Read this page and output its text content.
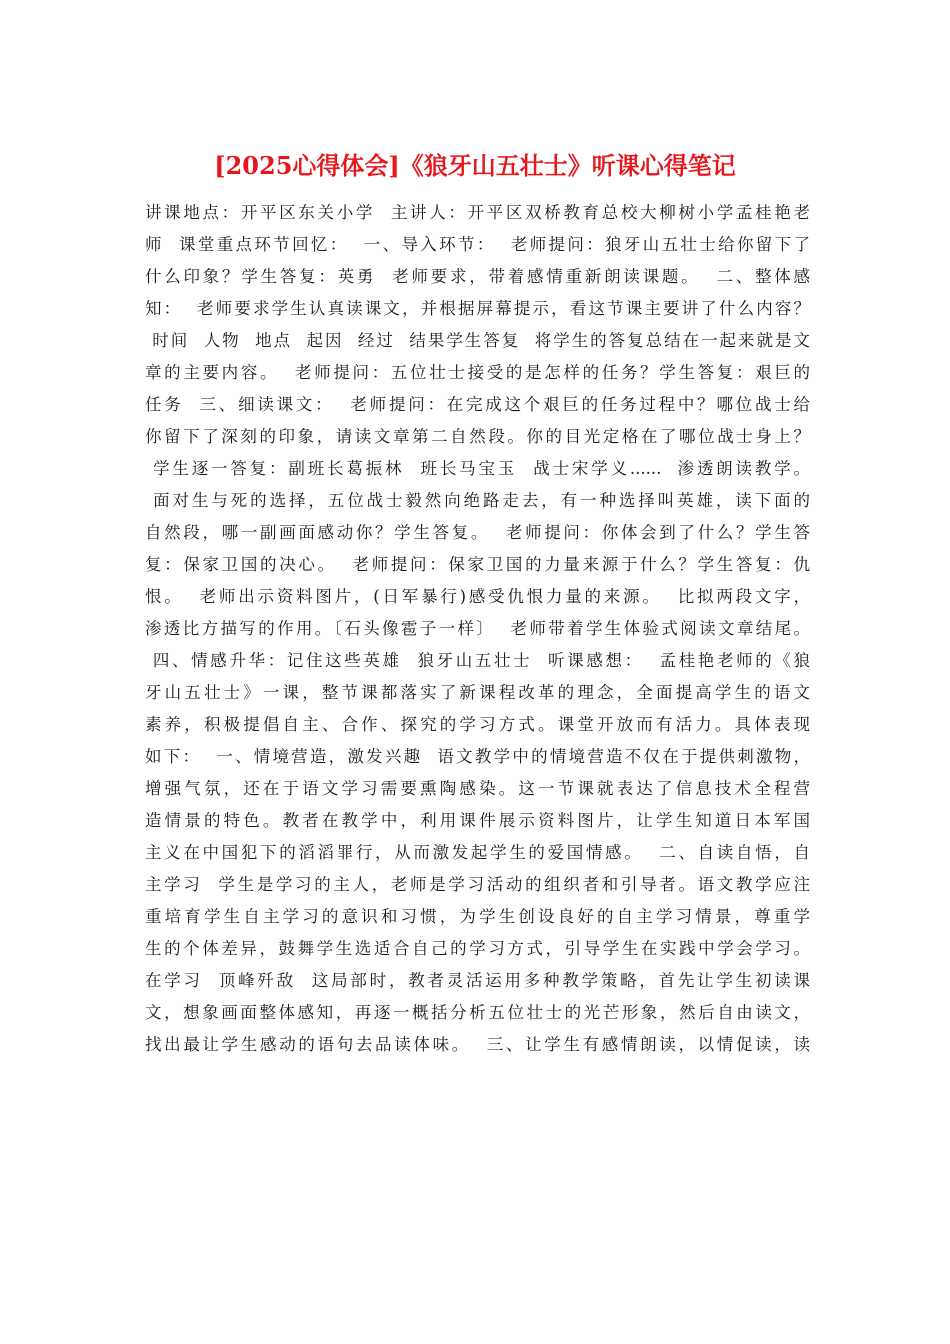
[2025心得体会]《狼牙山五壮士》听课心得笔记
讲课地点：开平区东关小学  主讲人：开平区双桥教育总校大柳树小学孟桂艳老
师  课堂重点环节回忆：  一、导入环节：  老师提问：狼牙山五壮士给你留下了
什么印象？学生答复：英勇  老师要求，带着感情重新朗读课题。  二、整体感
知：  老师要求学生认真读课文，并根据屏幕提示，看这节课主要讲了什么内容？
时间  人物  地点  起因  经过  结果学生答复  将学生的答复总结在一起来就是文
章的主要内容。  老师提问：五位壮士接受的是怎样的任务？学生答复：艰巨的
任务  三、细读课文：  老师提问：在完成这个艰巨的任务过程中？哪位战士给
你留下了深刻的印象，请读文章第二自然段。你的目光定格在了哪位战士身上？
学生逐一答复：副班长葛振林  班长马宝玉  战士宋学义......  渗透朗读教学。
面对生与死的选择，五位战士毅然向绝路走去，有一种选择叫英雄，读下面的
自然段，哪一副画面感动你？学生答复。  老师提问：你体会到了什么？学生答
复：保家卫国的决心。  老师提问：保家卫国的力量来源于什么？学生答复：仇
恨。  老师出示资料图片，(日军暴行)感受仇恨力量的来源。  比拟两段文字，
渗透比方描写的作用。〔石头像雹子一样〕  老师带着学生体验式阅读文章结尾。
四、情感升华：记住这些英雄  狼牙山五壮士  听课感想：  孟桂艳老师的《狼
牙山五壮士》一课，整节课都落实了新课程改革的理念，全面提高学生的语文
素养，积极提倡自主、合作、探究的学习方式。课堂开放而有活力。具体表现
如下：  一、情境营造，激发兴趣  语文教学中的情境营造不仅在于提供刺激物，
增强气氛，还在于语文学习需要熏陶感染。这一节课就表达了信息技术全程营
造情景的特色。教者在教学中，利用课件展示资料图片，让学生知道日本军国
主义在中国犯下的滔滔罪行，从而激发起学生的爱国情感。  二、自读自悟，自
主学习  学生是学习的主人，老师是学习活动的组织者和引导者。语文教学应注
重培育学生自主学习的意识和习惯，为学生创设良好的自主学习情景，尊重学
生的个体差异，鼓舞学生选适合自己的学习方式，引导学生在实践中学会学习。
在学习  顶峰歼敌  这局部时，教者灵活运用多种教学策略，首先让学生初读课
文，想象画面整体感知，再逐一概括分析五位壮士的光芒形象，然后自由读文，
找出最让学生感动的语句去品读体味。  三、让学生有感情朗读，以情促读，读
